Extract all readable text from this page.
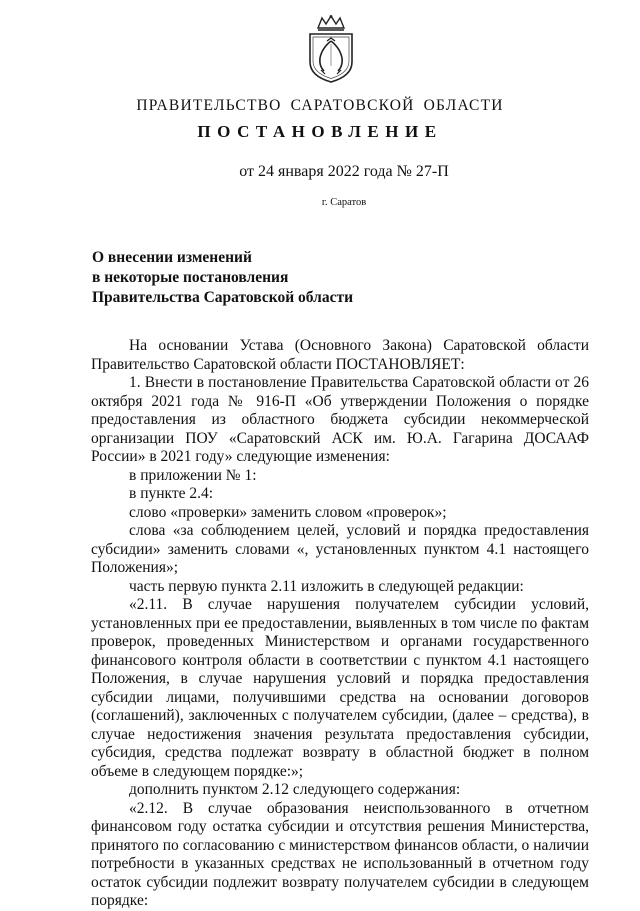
ПРАВИТЕЛЬСТВО САРАТОВСКОЙ ОБЛАСТИ
ПОСТАНОВЛЕНИЕ
от 24 января 2022 года № 27-П
г. Саратов
О внесении изменений
в некоторые постановления
Правительства Саратовской области

На основании Устава (Основного Закона) Саратовской области Правительство Саратовской области ПОСТАНОВЛЯЕТ:

1. Внести в постановление Правительства Саратовской области от 26 октября 2021 года № 916-П «Об утверждении Положения о порядке предоставления из областного бюджета субсидии некоммерческой организации ПОУ «Саратовский АСК им. Ю.А. Гагарина ДОСААФ России» в 2021 году» следующие изменения:

в приложении № 1:

в пункте 2.4:

слово «проверки» заменить словом «проверок»;

слова «за соблюдением целей, условий и порядка предоставления субсидии» заменить словами «, установленных пунктом 4.1 настоящего Положения»;

часть первую пункта 2.11 изложить в следующей редакции:

«2.11. В случае нарушения получателем субсидии условий, установленных при ее предоставлении, выявленных в том числе по фактам проверок, проведенных Министерством и органами государственного финансового контроля области в соответствии с пунктом 4.1 настоящего Положения, в случае нарушения условий и порядка предоставления субсидии лицами, получившими средства на основании договоров (соглашений), заключенных с получателем субсидии, (далее – средства), в случае недостижения значения результата предоставления субсидии, субсидия, средства подлежат возврату в областной бюджет в полном объеме в следующем порядке:»;

дополнить пунктом 2.12 следующего содержания:

«2.12. В случае образования неиспользованного в отчетном финансовом году остатка субсидии и отсутствия решения Министерства, принятого по согласованию с министерством финансов области, о наличии потребности в указанных средствах не использованный в отчетном году остаток субсидии подлежит возврату получателем субсидии в следующем порядке:
